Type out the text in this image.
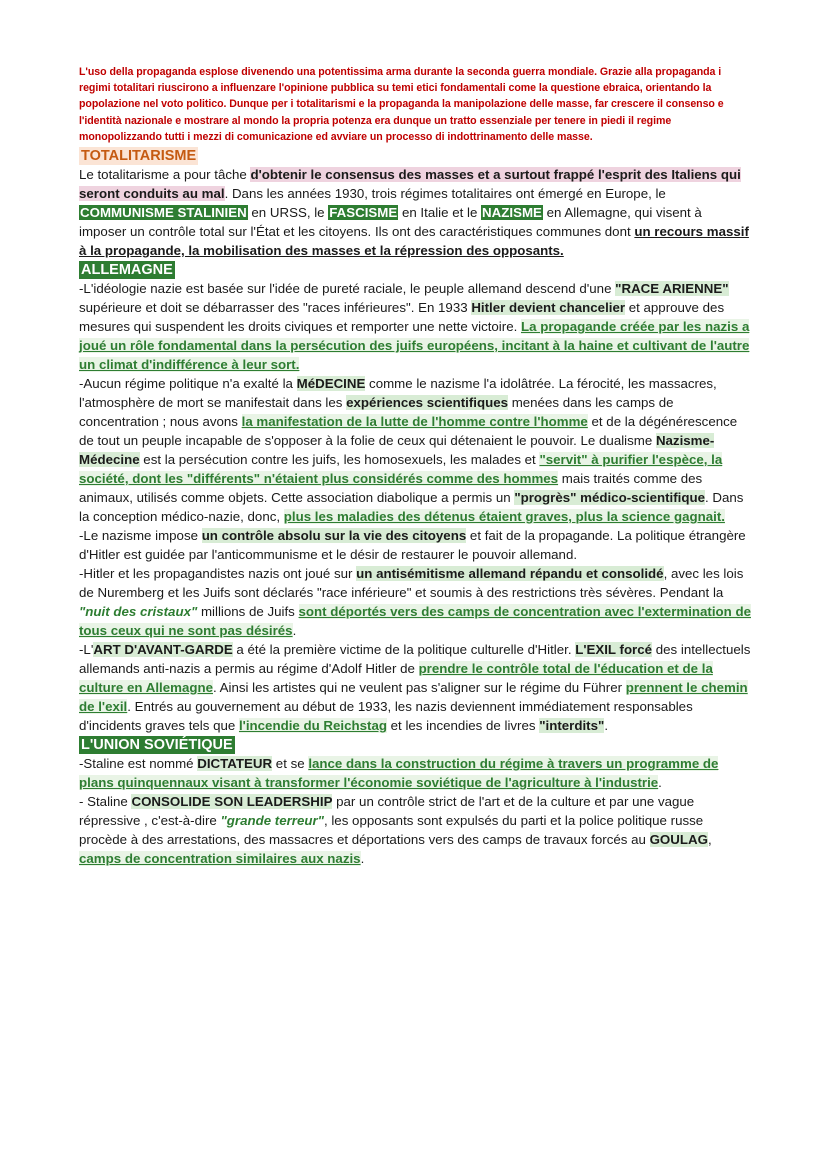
L'uso della propaganda esplose divenendo una potentissima arma durante la seconda guerra mondiale. Grazie alla propaganda i regimi totalitari riuscirono a influenzare l'opinione pubblica su temi etici fondamentali come la questione ebraica, orientando la popolazione nel voto politico. Dunque per i totalitarismi e la propaganda la manipolazione delle masse, far crescere il consenso e l'identità nazionale e mostrare al mondo la propria potenza era dunque un tratto essenziale per tenere in piedi il regime monopolizzando tutti i mezzi di comunicazione ed avviare un processo di indottrinamento delle masse.

TOTALITARISME

Le totalitarisme a pour tâche d'obtenir le consensus des masses et a surtout frappé l'esprit des Italiens qui seront conduits au mal. Dans les années 1930, trois régimes totalitaires ont émergé en Europe, le COMMUNISME STALINIEN en URSS, le FASCISME en Italie et le NAZISME en Allemagne, qui visent à imposer un contrôle total sur l'État et les citoyens. Ils ont des caractéristiques communes dont un recours massif à la propagande, la mobilisation des masses et la répression des opposants.

ALLEMAGNE

-L'idéologie nazie est basée sur l'idée de pureté raciale, le peuple allemand descend d'une "RACE ARIENNE" supérieure et doit se débarrasser des "races inférieures". En 1933 Hitler devient chancelier et approuve des mesures qui suspendent les droits civiques et remporter une nette victoire. La propagande créée par les nazis a joué un rôle fondamental dans la persécution des juifs européens, incitant à la haine et cultivant de l'autre un climat d'indifférence à leur sort.

-Aucun régime politique n'a exalté la MéDECINE comme le nazisme l'a idolâtrée. La férocité, les massacres, l'atmosphère de mort se manifestait dans les expériences scientifiques menées dans les camps de concentration ; nous avons la manifestation de la lutte de l'homme contre l'homme et de la dégénérescence de tout un peuple incapable de s'opposer à la folie de ceux qui détenaient le pouvoir. Le dualisme Nazisme-Médecine est la persécution contre les juifs, les homosexuels, les malades et "servit" à purifier l'espèce, la société, dont les "différents" n'étaient plus considérés comme des hommes mais traités comme des animaux, utilisés comme objets. Cette association diabolique a permis un "progrès" médico-scientifique. Dans la conception médico-nazie, donc, plus les maladies des détenus étaient graves, plus la science gagnait.

-Le nazisme impose un contrôle absolu sur la vie des citoyens et fait de la propagande. La politique étrangère d'Hitler est guidée par l'anticommunisme et le désir de restaurer le pouvoir allemand.

-Hitler et les propagandistes nazis ont joué sur un antisémitisme allemand répandu et consolidé, avec les lois de Nuremberg et les Juifs sont déclarés "race inférieure" et soumis à des restrictions très sévères. Pendant la "nuit des cristaux" millions de Juifs sont déportés vers des camps de concentration avec l'extermination de tous ceux qui ne sont pas désirés.

-L'ART D'AVANT-GARDE a été la première victime de la politique culturelle d'Hitler. L'EXIL forcé des intellectuels allemands anti-nazis a permis au régime d'Adolf Hitler de prendre le contrôle total de l'éducation et de la culture en Allemagne. Ainsi les artistes qui ne veulent pas s'aligner sur le régime du Führer prennent le chemin de l'exil. Entrés au gouvernement au début de 1933, les nazis deviennent immédiatement responsables d'incidents graves tels que l'incendie du Reichstag et les incendies de livres "interdits".

L'UNION SOVIÉTIQUE

-Staline est nommé DICTATEUR et se lance dans la construction du régime à travers un programme de plans quinquennaux visant à transformer l'économie soviétique de l'agriculture à l'industrie.

- Staline CONSOLIDE SON LEADERSHIP par un contrôle strict de l'art et de la culture et par une vague répressive , c'est-à-dire "grande terreur", les opposants sont expulsés du parti et la police politique russe procède à des arrestations, des massacres et déportations vers des camps de travaux forcés au GOULAG, camps de concentration similaires aux nazis.
